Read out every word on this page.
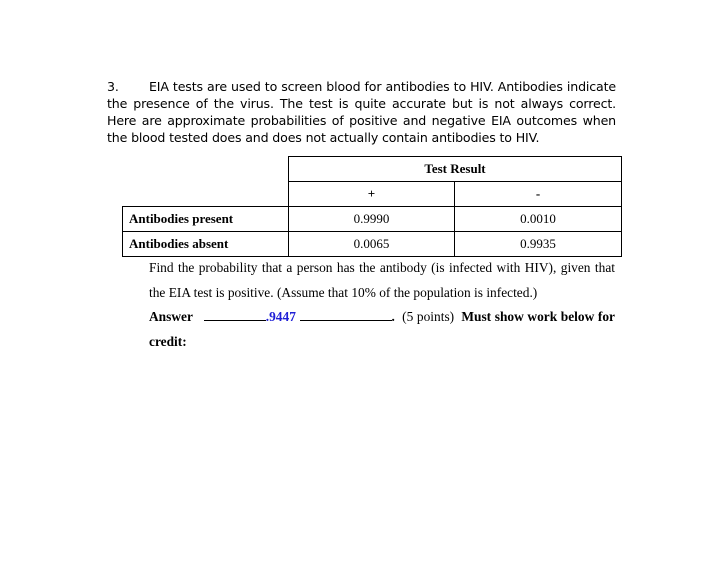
3. EIA tests are used to screen blood for antibodies to HIV. Antibodies indicate the presence of the virus. The test is quite accurate but is not always correct. Here are approximate probabilities of positive and negative EIA outcomes when the blood tested does and does not actually contain antibodies to HIV.
	Test Result	
	+	-
Antibodies present	0.9990	0.0010
Antibodies absent	0.0065	0.9935
Find the probability that a person has the antibody (is infected with HIV), given that the EIA test is positive. (Assume that 10% of the population is infected.)
Answer	.9447	. (5 points) Must show work below for credit:
